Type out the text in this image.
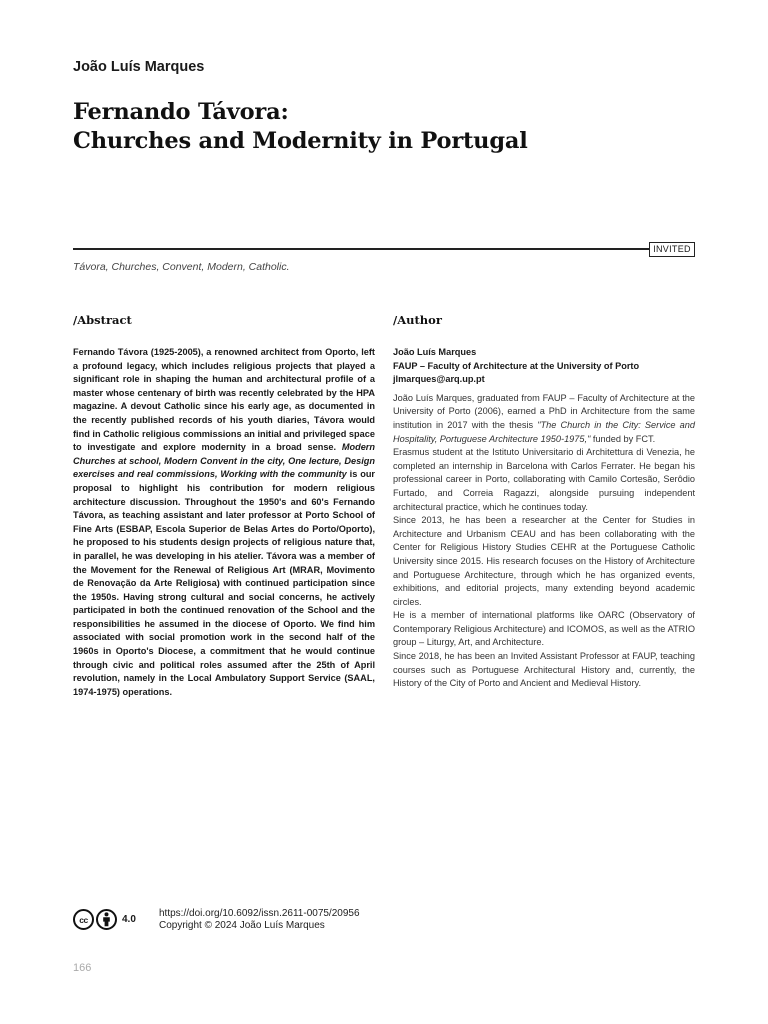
João Luís Marques
Fernando Távora:
Churches and Modernity in Portugal
INVITED
Távora, Churches, Convent, Modern, Catholic.
/Abstract	/Author
Fernando Távora (1925-2005), a renowned architect from Oporto, left a profound legacy, which includes religious projects that played a significant role in shaping the human and architectural profile of a master whose centenary of birth was recently celebrated by the HPA magazine. A devout Catholic since his early age, as documented in the recently published records of his youth diaries, Távora would find in Catholic religious commissions an initial and privileged space to investigate and explore modernity in a broad sense. Modern Churches at school, Modern Convent in the city, One lecture, Design exercises and real commissions, Working with the community is our proposal to highlight his contribution for modern religious architecture discussion. Throughout the 1950's and 60's Fernando Távora, as teaching assistant and later professor at Porto School of Fine Arts (ESBAP, Escola Superior de Belas Artes do Porto/Oporto), he proposed to his students design projects of religious nature that, in parallel, he was developing in his atelier. Távora was a member of the Movement for the Renewal of Religious Art (MRAR, Movimento de Renovação da Arte Religiosa) with continued participation since the 1950s. Having strong cultural and social concerns, he actively participated in both the continued renovation of the School and the responsibilities he assumed in the diocese of Oporto. We find him associated with social promotion work in the second half of the 1960s in Oporto's Diocese, a commitment that he would continue through civic and political roles assumed after the 25th of April revolution, namely in the Local Ambulatory Support Service (SAAL, 1974-1975) operations.
João Luís Marques
FAUP – Faculty of Architecture at the University of Porto
jlmarques@arq.up.pt

João Luís Marques, graduated from FAUP – Faculty of Architecture at the University of Porto (2006), earned a PhD in Architecture from the same institution in 2017 with the thesis "The Church in the City: Service and Hospitality, Portuguese Architecture 1950-1975," funded by FCT.

Erasmus student at the Istituto Universitario di Architettura di Venezia, he completed an internship in Barcelona with Carlos Ferrater. He began his professional career in Porto, collaborating with Camilo Cortesão, Serôdio Furtado, and Correia Ragazzi, alongside pursuing independent architectural practice, which he continues today.

Since 2013, he has been a researcher at the Center for Studies in Architecture and Urbanism CEAU and has been collaborating with the Center for Religious History Studies CEHR at the Portuguese Catholic University since 2015. His research focuses on the History of Architecture and Portuguese Architecture, through which he has organized events, exhibitions, and editorial projects, many extending beyond academic circles.

He is a member of international platforms like OARC (Observatory of Contemporary Religious Architecture) and ICOMOS, as well as the ATRIO group – Liturgy, Art, and Architecture.

Since 2018, he has been an Invited Assistant Professor at FAUP, teaching courses such as Portuguese Architectural History and, currently, the History of the City of Porto and Ancient and Medieval History.

cc	4.0
https://doi.org/10.6092/issn.2611-0075/20956
Copyright © 2024 João Luís Marques
166
